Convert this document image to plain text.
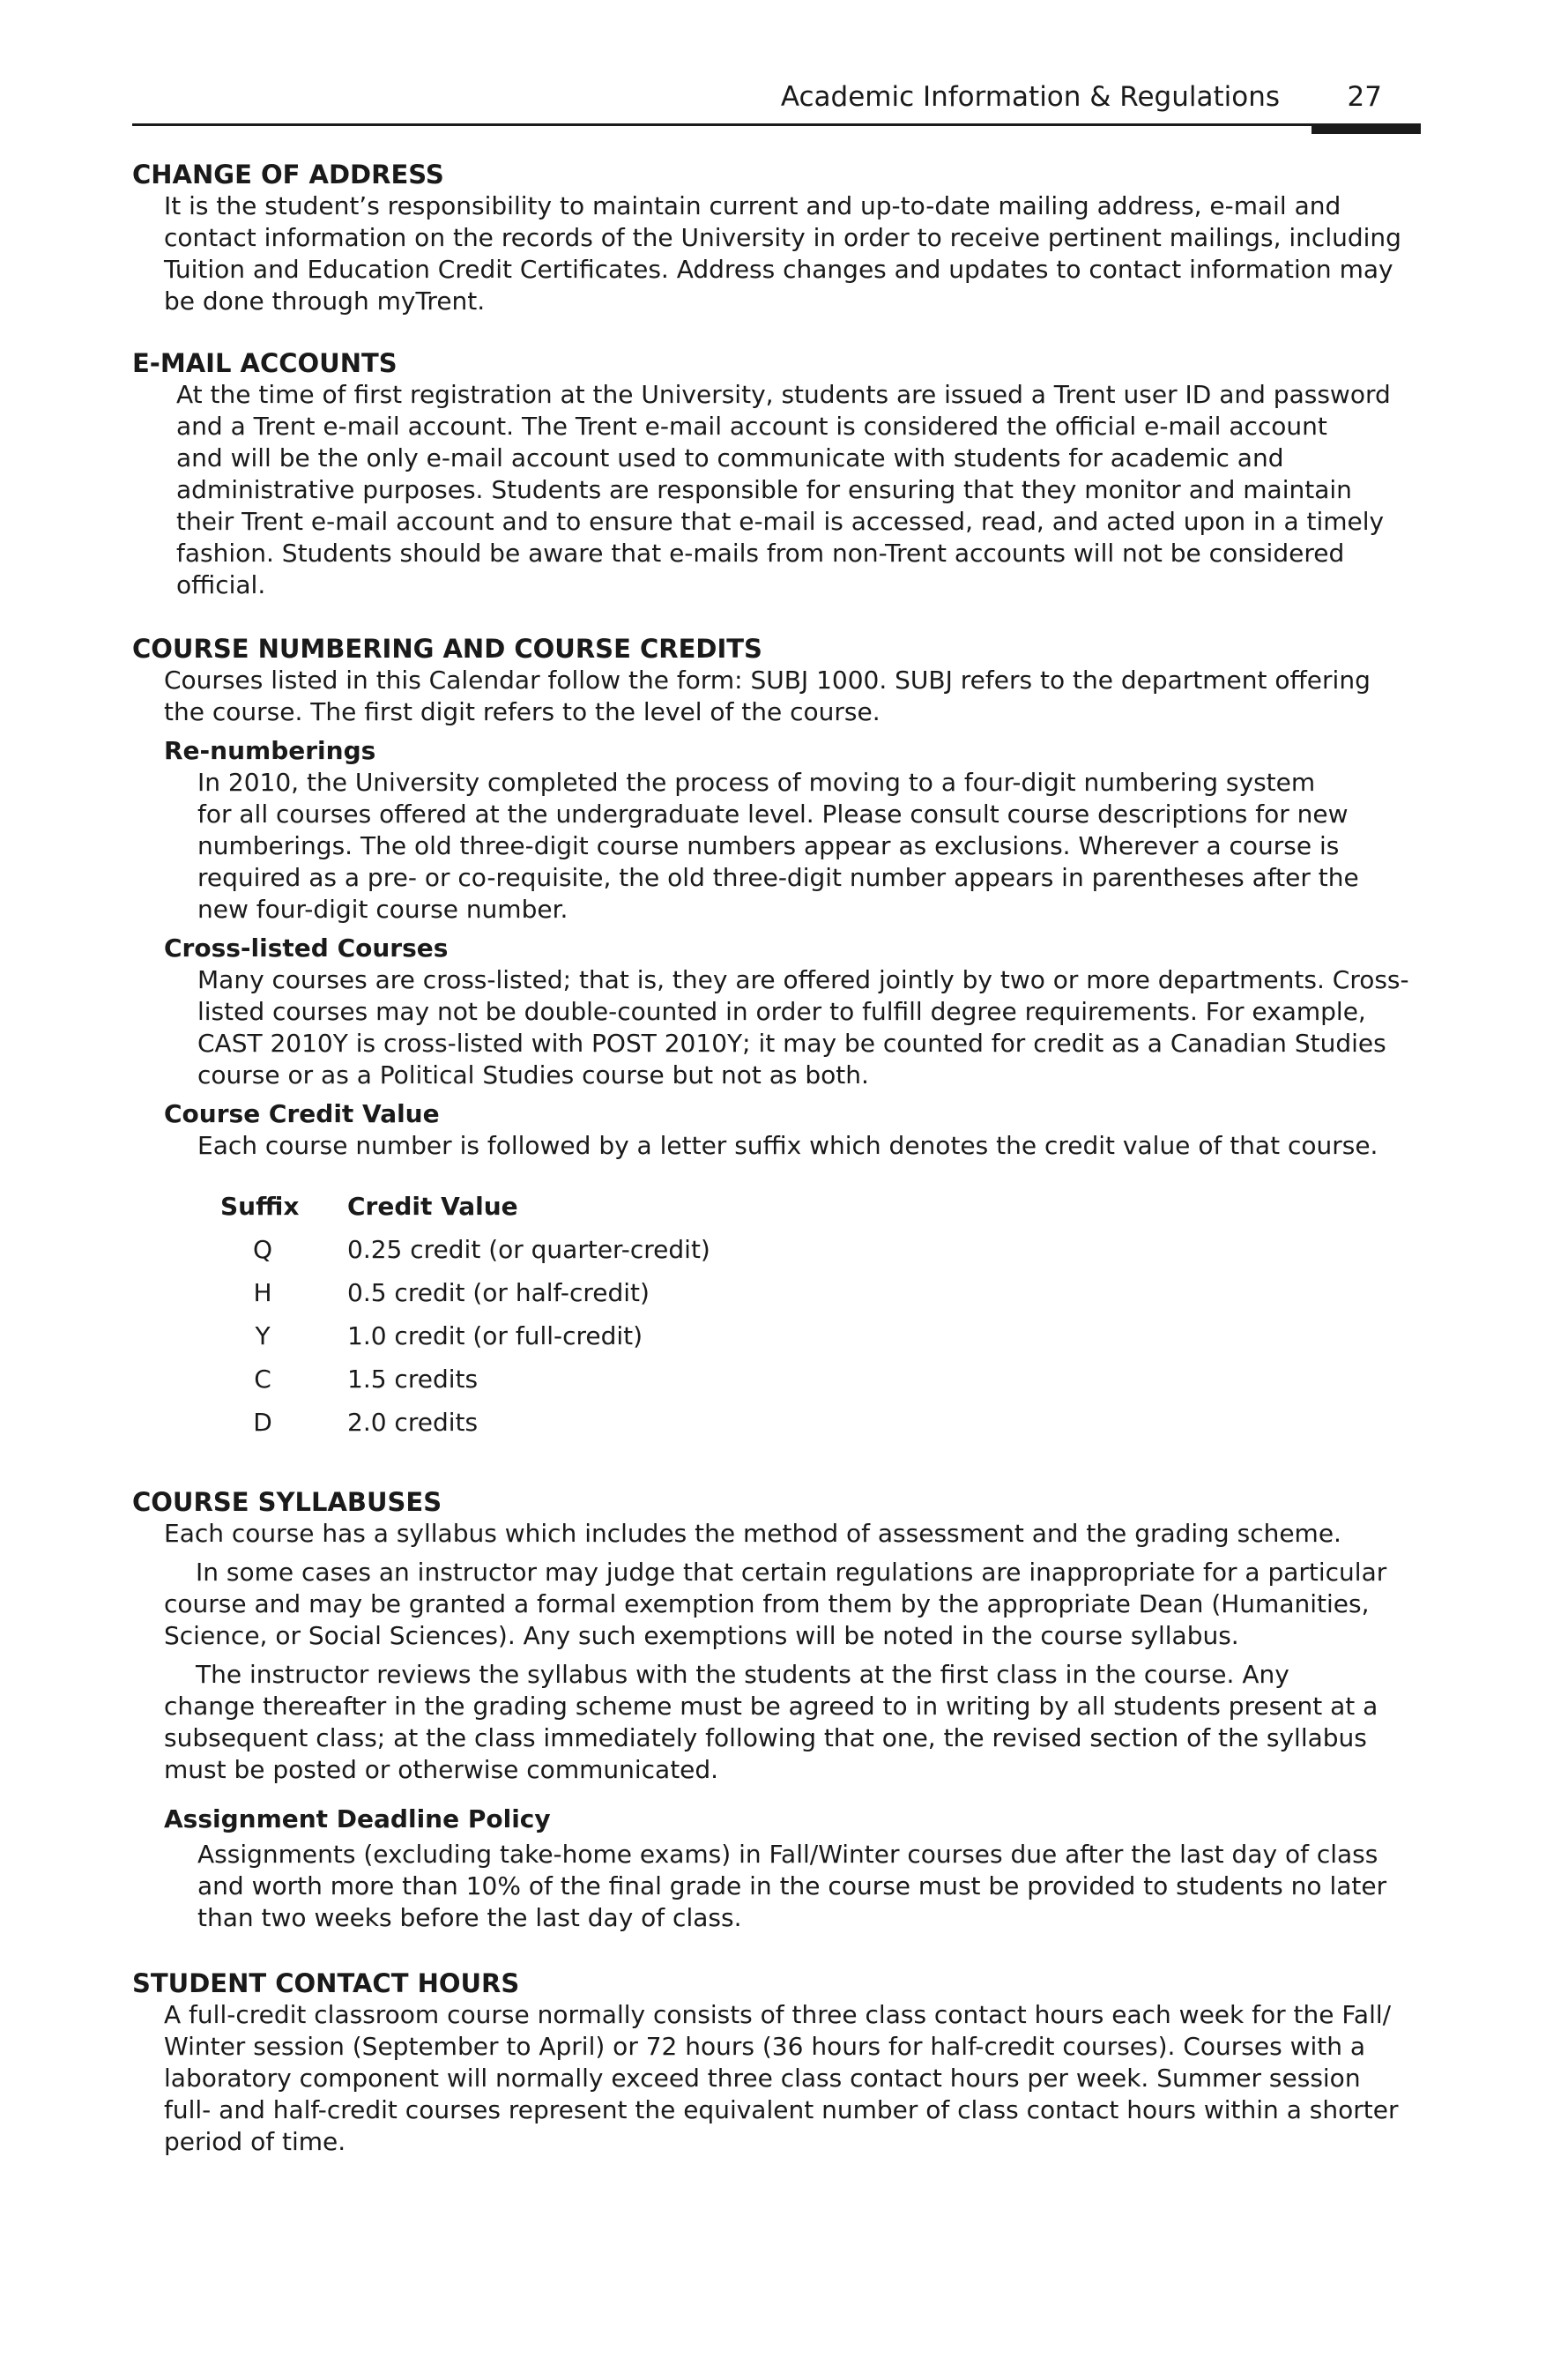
Academic Information & Regulations 27
CHANGE OF ADDRESS

It is the student’s responsibility to maintain current and up-to-date mailing address, e-mail and

contact information on the records of the University in order to receive pertinent mailings, including

Tuition and Education Credit Certificates. Address changes and updates to contact information may

be done through myTrent.

E-MAIL ACCOUNTS

At the time of first registration at the University, students are issued a Trent user ID and password

and a Trent e-mail account. The Trent e-mail account is considered the official e-mail account

and will be the only e-mail account used to communicate with students for academic and

administrative purposes. Students are responsible for ensuring that they monitor and maintain

their Trent e-mail account and to ensure that e-mail is accessed, read, and acted upon in a timely

fashion. Students should be aware that e-mails from non-Trent accounts will not be considered

official.

COURSE NUMBERING AND COURSE CREDITS

Courses listed in this Calendar follow the form: SUBJ 1000. SUBJ refers to the department offering

the course. The first digit refers to the level of the course.

Re-numberings

In 2010, the University completed the process of moving to a four-digit numbering system

for all courses offered at the undergraduate level. Please consult course descriptions for new

numberings. The old three-digit course numbers appear as exclusions. Wherever a course is

required as a pre- or co-requisite, the old three-digit number appears in parentheses after the

new four-digit course number.

Cross-listed Courses

Many courses are cross-listed; that is, they are offered jointly by two or more departments. Cross-

listed courses may not be double-counted in order to fulfill degree requirements. For example,

CAST 2010Y is cross-listed with POST 2010Y; it may be counted for credit as a Canadian Studies

course or as a Political Studies course but not as both.

Course Credit Value

Each course number is followed by a letter suffix which denotes the credit value of that course.

Suffix	Credit Value
Q	0.25 credit (or quarter-credit)
H	0.5 credit (or half-credit)
Y	1.0 credit (or full-credit)
C	1.5 credits
D	2.0 credits
COURSE SYLLABUSES

Each course has a syllabus which includes the method of assessment and the grading scheme.

In some cases an instructor may judge that certain regulations are inappropriate for a particular

course and may be granted a formal exemption from them by the appropriate Dean (Humanities,

Science, or Social Sciences). Any such exemptions will be noted in the course syllabus.

The instructor reviews the syllabus with the students at the first class in the course. Any

change thereafter in the grading scheme must be agreed to in writing by all students present at a

subsequent class; at the class immediately following that one, the revised section of the syllabus

must be posted or otherwise communicated.

Assignment Deadline Policy

Assignments (excluding take-home exams) in Fall/Winter courses due after the last day of class

and worth more than 10% of the final grade in the course must be provided to students no later

than two weeks before the last day of class.

STUDENT CONTACT HOURS

A full-credit classroom course normally consists of three class contact hours each week for the Fall/

Winter session (September to April) or 72 hours (36 hours for half-credit courses). Courses with a

laboratory component will normally exceed three class contact hours per week. Summer session

full- and half-credit courses represent the equivalent number of class contact hours within a shorter

period of time.
